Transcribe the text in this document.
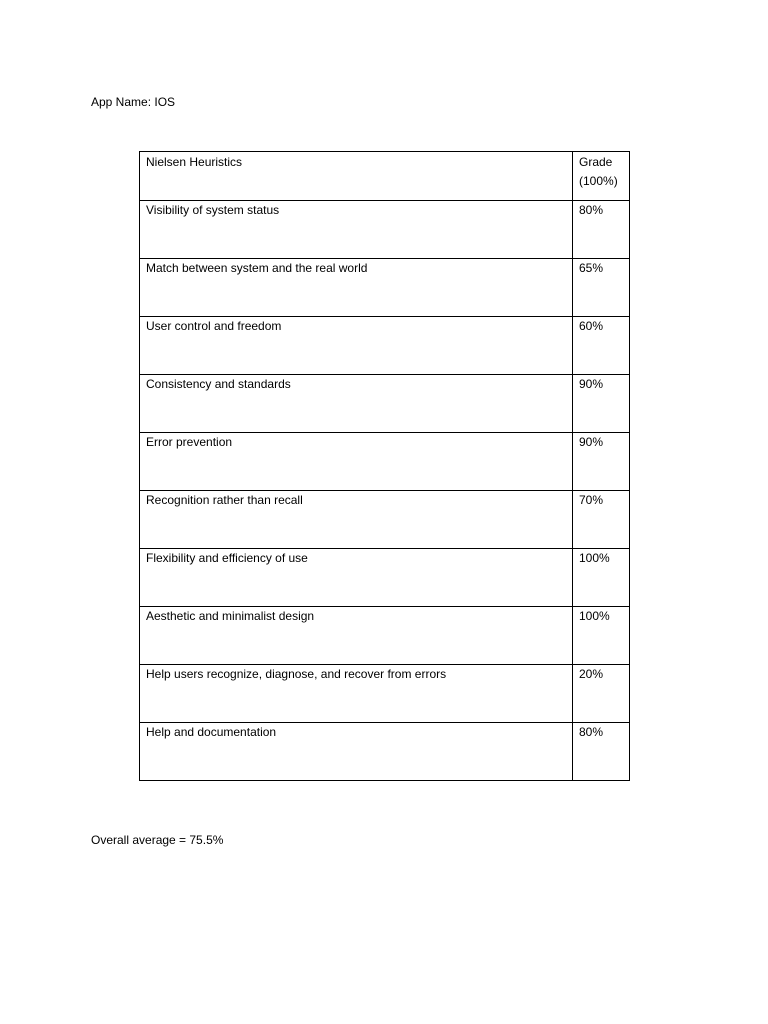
App Name: IOS
Nielsen Heuristics	Grade
(100%)
Visibility of system status	80%
Match between system and the real world	65%
User control and freedom	60%
Consistency and standards	90%
Error prevention	90%
Recognition rather than recall	70%
Flexibility and efficiency of use	100%
Aesthetic and minimalist design	100%
Help users recognize, diagnose, and recover from errors	20%
Help and documentation	80%
Overall average = 75.5%
